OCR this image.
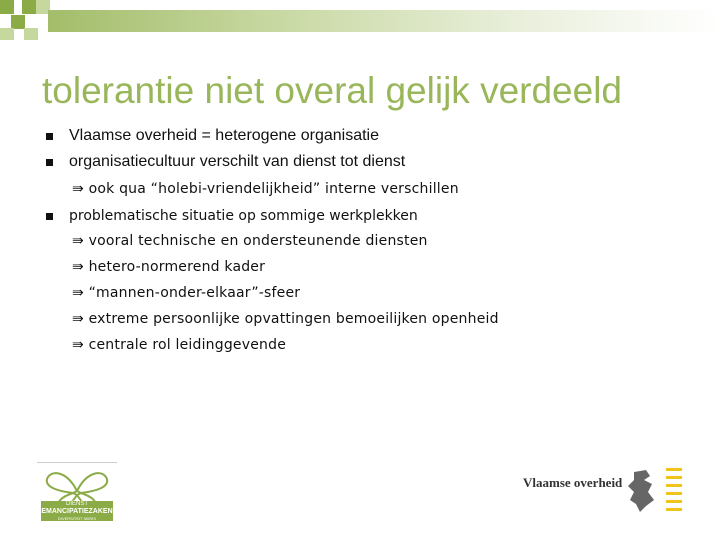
tolerantie niet overal gelijk verdeeld
Vlaamse overheid = heterogene organisatie
organisatiecultuur verschilt van dienst tot dienst
⇛ ook qua “holebi-vriendelijkheid” interne verschillen
problematische situatie op sommige werkplekken
⇛ vooral technische en ondersteunende diensten
⇛ hetero-normerend kader
⇛ “mannen-onder-elkaar”-sfeer
⇛ extreme persoonlijke opvattingen bemoeilijken openheid
⇛ centrale rol leidinggevende
DIENST
EMANCIPATIEZAKEN
DIVERSITEIT NDRIS
Vlaamse overheid
